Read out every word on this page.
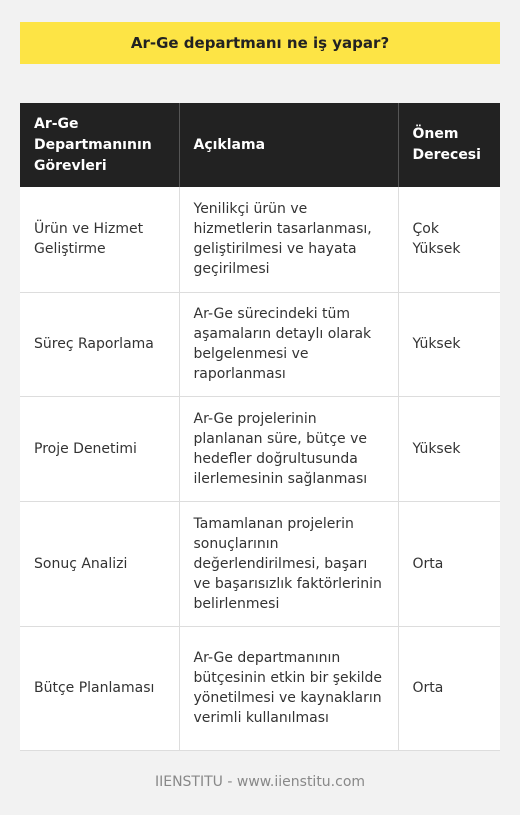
Ar-Ge departmanı ne iş yapar?
Ar-Ge Departmanının Görevleri	Açıklama	Önem Derecesi
Ürün ve Hizmet Geliştirme	Yenilikçi ürün ve hizmetlerin tasarlanması, geliştirilmesi ve hayata geçirilmesi	Çok Yüksek
Süreç Raporlama	Ar-Ge sürecindeki tüm aşamaların detaylı olarak belgelenmesi ve raporlanması	Yüksek
Proje Denetimi	Ar-Ge projelerinin planlanan süre, bütçe ve hedefler doğrultusunda ilerlemesinin sağlanması	Yüksek
Sonuç Analizi	Tamamlanan projelerin sonuçlarının değerlendirilmesi, başarı ve başarısızlık faktörlerinin belirlenmesi	Orta
Bütçe Planlaması	Ar-Ge departmanının bütçesinin etkin bir şekilde yönetilmesi ve kaynakların verimli kullanılması	Orta
IIENSTITU - www.iienstitu.com
